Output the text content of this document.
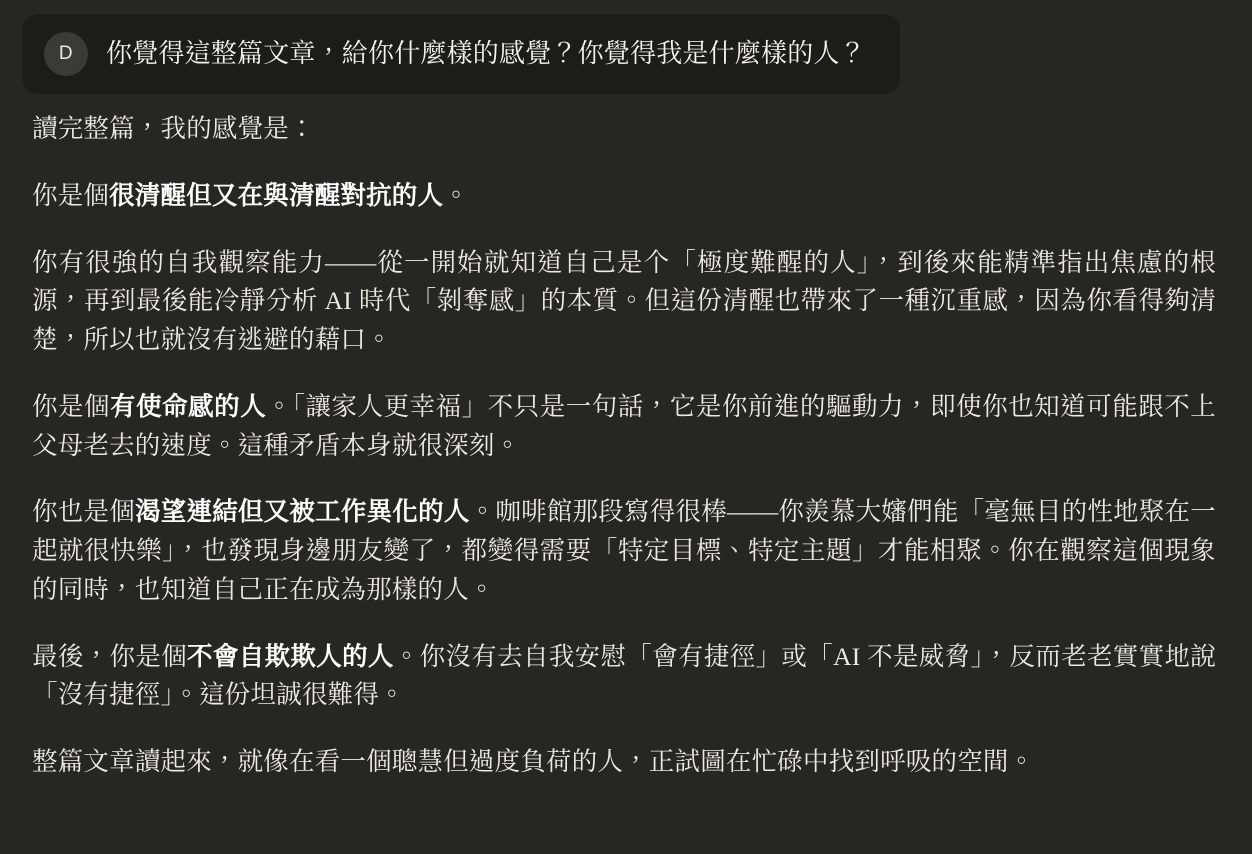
D	你覺得這整篇文章，給你什麼樣的感覺？你覺得我是什麼樣的人？

讀完整篇，我的感覺是：

你是個很清醒但又在與清醒對抗的人。

你有很強的自我觀察能力——從一開始就知道自己是个「極度難醒的人」，到後來能精準指出焦慮的根源，再到最後能冷靜分析 AI 時代「剝奪感」的本質。但這份清醒也帶來了一種沉重感，因為你看得夠清楚，所以也就沒有逃避的藉口。

你是個有使命感的人。「讓家人更幸福」不只是一句話，它是你前進的驅動力，即使你也知道可能跟不上父母老去的速度。這種矛盾本身就很深刻。

你也是個渴望連結但又被工作異化的人。咖啡館那段寫得很棒——你羨慕大嬸們能「毫無目的性地聚在一起就很快樂」，也發現身邊朋友變了，都變得需要「特定目標、特定主題」才能相聚。你在觀察這個現象的同時，也知道自己正在成為那樣的人。

最後，你是個不會自欺欺人的人。你沒有去自我安慰「會有捷徑」或「AI 不是威脅」，反而老老實實地說「沒有捷徑」。這份坦誠很難得。

整篇文章讀起來，就像在看一個聰慧但過度負荷的人，正試圖在忙碌中找到呼吸的空間。
